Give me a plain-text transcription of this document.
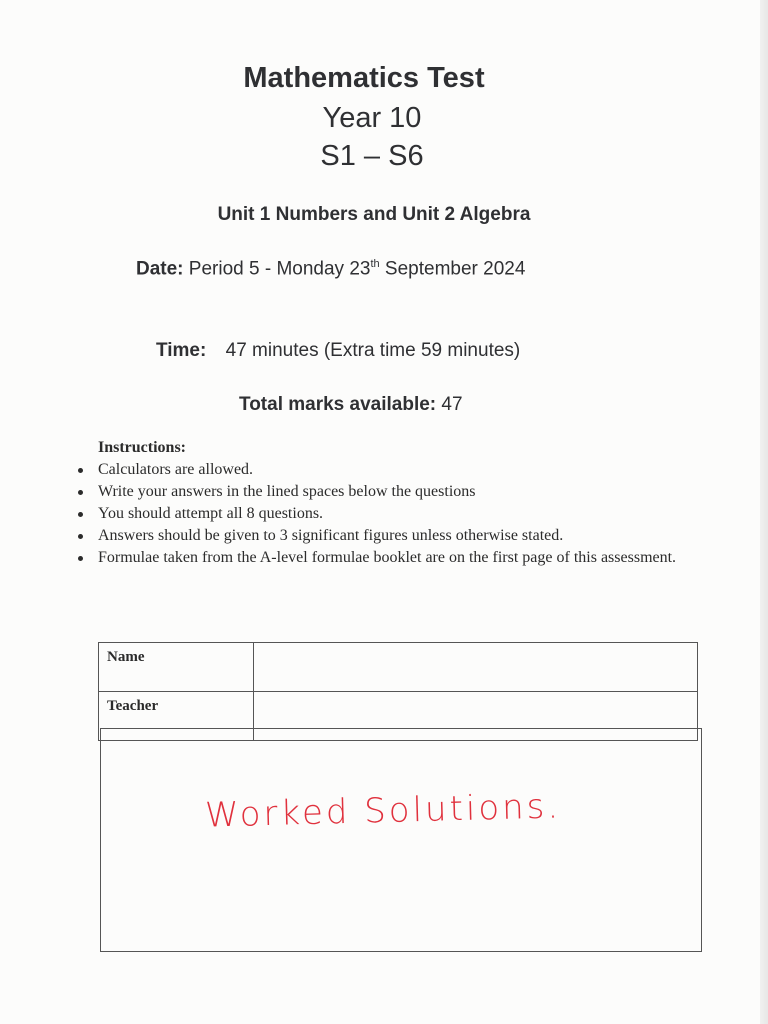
Mathematics Test
Year 10
S1 – S6
Unit 1 Numbers and Unit 2 Algebra
Date: Period 5 - Monday 23th September 2024
Time: 47 minutes (Extra time 59 minutes)
Total marks available: 47
Instructions:
Calculators are allowed.
Write your answers in the lined spaces below the questions
You should attempt all 8 questions.
Answers should be given to 3 significant figures unless otherwise stated.
Formulae taken from the A-level formulae booklet are on the first page of this assessment.
Name	
Teacher	
Worked Solutions.
